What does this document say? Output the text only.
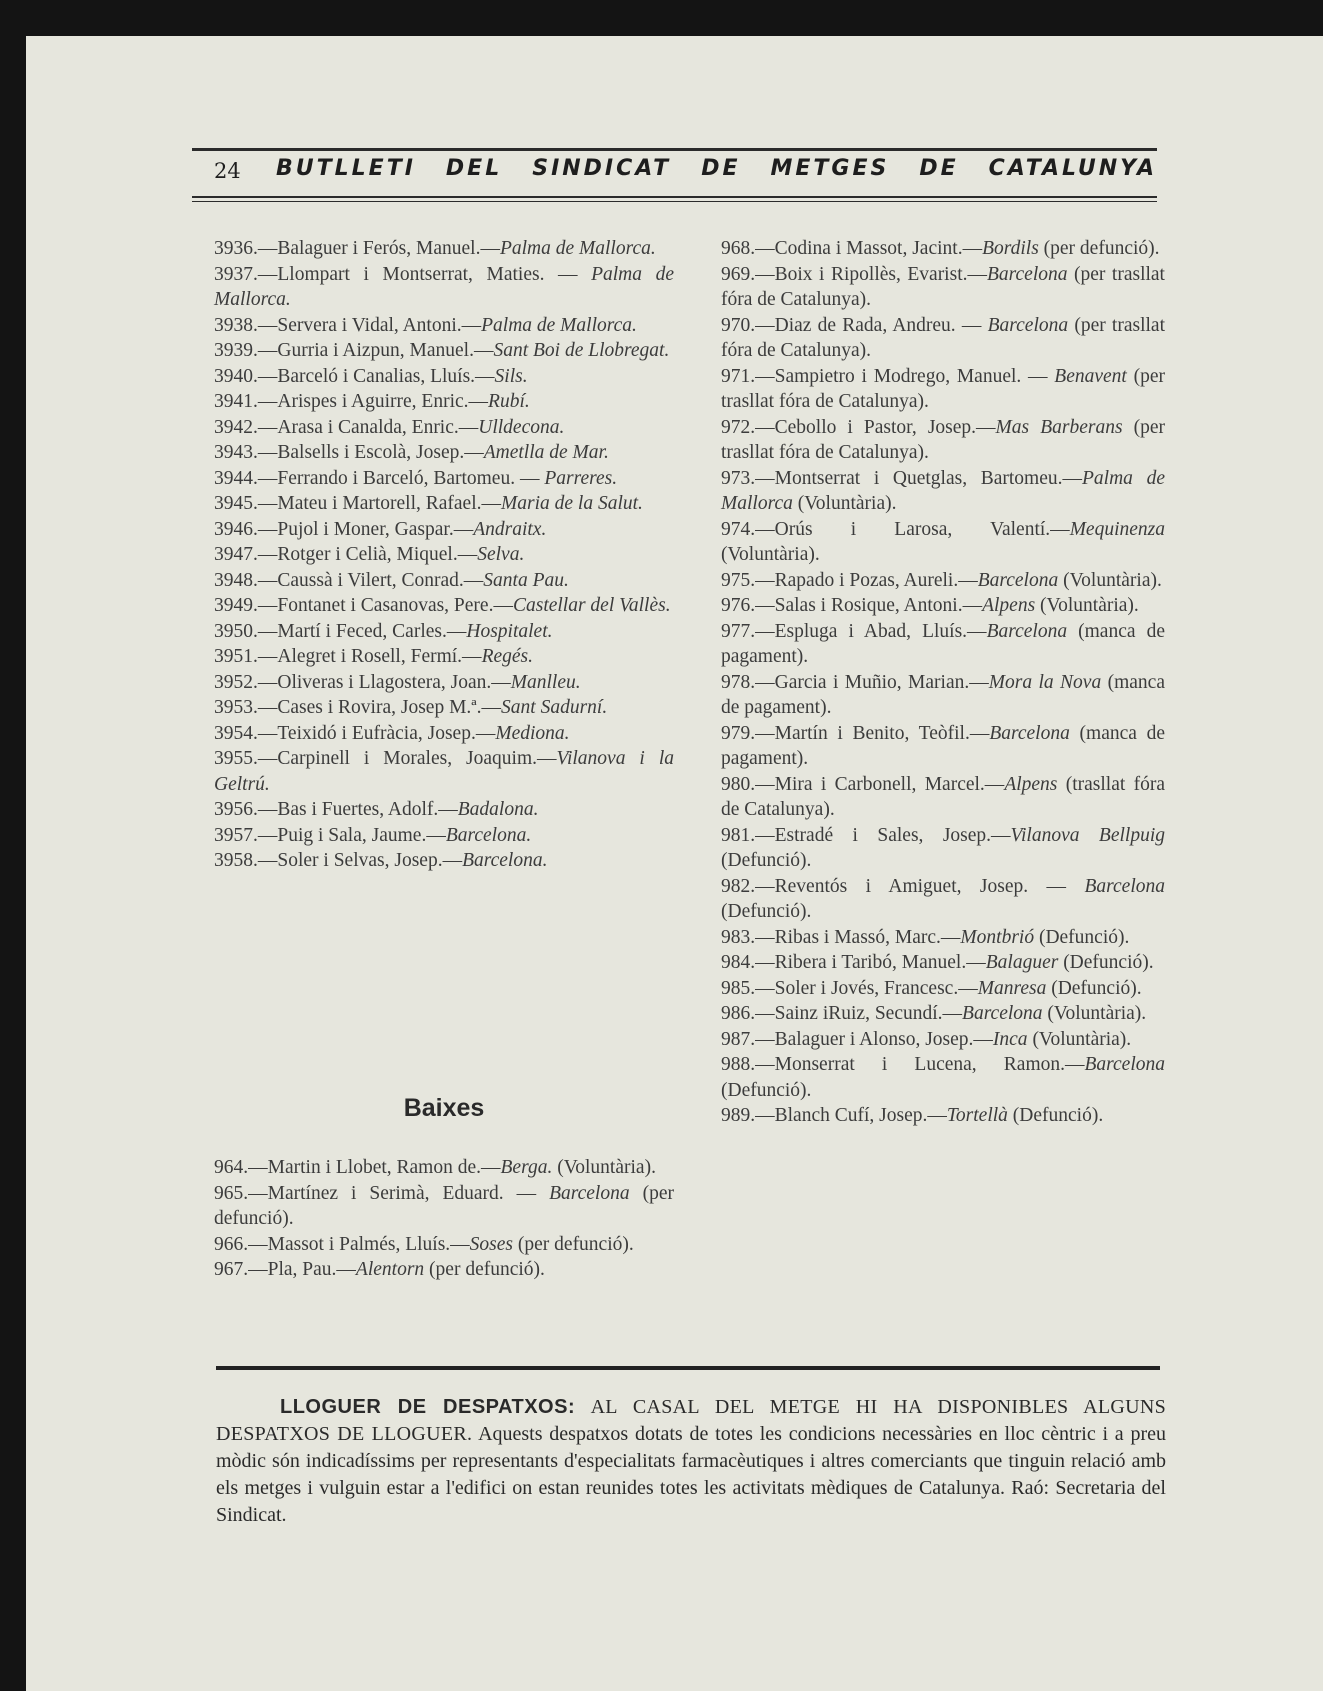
24 BUTLLETI DEL SINDICAT DE METGES DE CATALUNYA

3936.—Balaguer i Ferós, Manuel.—Palma de Mallorca.

3937.—Llompart i Montserrat, Maties. — Palma de Mallorca.

3938.—Servera i Vidal, Antoni.—Palma de Mallorca.

3939.—Gurria i Aizpun, Manuel.—Sant Boi de Llobregat.

3940.—Barceló i Canalias, Lluís.—Sils.

3941.—Arispes i Aguirre, Enric.—Rubí.

3942.—Arasa i Canalda, Enric.—Ulldecona.

3943.—Balsells i Escolà, Josep.—Ametlla de Mar.

3944.—Ferrando i Barceló, Bartomeu. — Parreres.

3945.—Mateu i Martorell, Rafael.—Maria de la Salut.

3946.—Pujol i Moner, Gaspar.—Andraitx.

3947.—Rotger i Celià, Miquel.—Selva.

3948.—Caussà i Vilert, Conrad.—Santa Pau.

3949.—Fontanet i Casanovas, Pere.—Castellar del Vallès.

3950.—Martí i Feced, Carles.—Hospitalet.

3951.—Alegret i Rosell, Fermí.—Regés.

3952.—Oliveras i Llagostera, Joan.—Manlleu.

3953.—Cases i Rovira, Josep M.ª.—Sant Sadurní.

3954.—Teixidó i Eufràcia, Josep.—Mediona.

3955.—Carpinell i Morales, Joaquim.—Vilanova i la Geltrú.

3956.—Bas i Fuertes, Adolf.—Badalona.

3957.—Puig i Sala, Jaume.—Barcelona.

3958.—Soler i Selvas, Josep.—Barcelona.

Baixes

964.—Martin i Llobet, Ramon de.—Berga. (Voluntària).

965.—Martínez i Serimà, Eduard. — Barcelona (per defunció).

966.—Massot i Palmés, Lluís.—Soses (per defunció).

967.—Pla, Pau.—Alentorn (per defunció).

968.—Codina i Massot, Jacint.—Bordils (per defunció).

969.—Boix i Ripollès, Evarist.—Barcelona (per trasllat fóra de Catalunya).

970.—Diaz de Rada, Andreu. — Barcelona (per trasllat fóra de Catalunya).

971.—Sampietro i Modrego, Manuel. — Benavent (per trasllat fóra de Catalunya).

972.—Cebollo i Pastor, Josep.—Mas Barberans (per trasllat fóra de Catalunya).

973.—Montserrat i Quetglas, Bartomeu.—Palma de Mallorca (Voluntària).

974.—Orús i Larosa, Valentí.—Mequinenza (Voluntària).

975.—Rapado i Pozas, Aureli.—Barcelona (Voluntària).

976.—Salas i Rosique, Antoni.—Alpens (Voluntària).

977.—Espluga i Abad, Lluís.—Barcelona (manca de pagament).

978.—Garcia i Muñio, Marian.—Mora la Nova (manca de pagament).

979.—Martín i Benito, Teòfil.—Barcelona (manca de pagament).

980.—Mira i Carbonell, Marcel.—Alpens (trasllat fóra de Catalunya).

981.—Estradé i Sales, Josep.—Vilanova Bellpuig (Defunció).

982.—Reventós i Amiguet, Josep. — Barcelona (Defunció).

983.—Ribas i Massó, Marc.—Montbrió (Defunció).

984.—Ribera i Taribó, Manuel.—Balaguer (Defunció).

985.—Soler i Jovés, Francesc.—Manresa (Defunció).

986.—Sainz iRuiz, Secundí.—Barcelona (Voluntària).

987.—Balaguer i Alonso, Josep.—Inca (Voluntària).

988.—Monserrat i Lucena, Ramon.—Barcelona (Defunció).

989.—Blanch Cufí, Josep.—Tortellà (Defunció).

LLOGUER DE DESPATXOS: AL CASAL DEL METGE HI HA DISPONIBLES ALGUNS DESPATXOS DE LLOGUER. Aquests despatxos dotats de totes les condicions necessàries en lloc cèntric i a preu mòdic són indicadíssims per representants d'especialitats farmacèutiques i altres comerciants que tinguin relació amb els metges i vulguin estar a l'edifici on estan reunides totes les activitats mèdiques de Catalunya. Raó: Secretaria del Sindicat.
